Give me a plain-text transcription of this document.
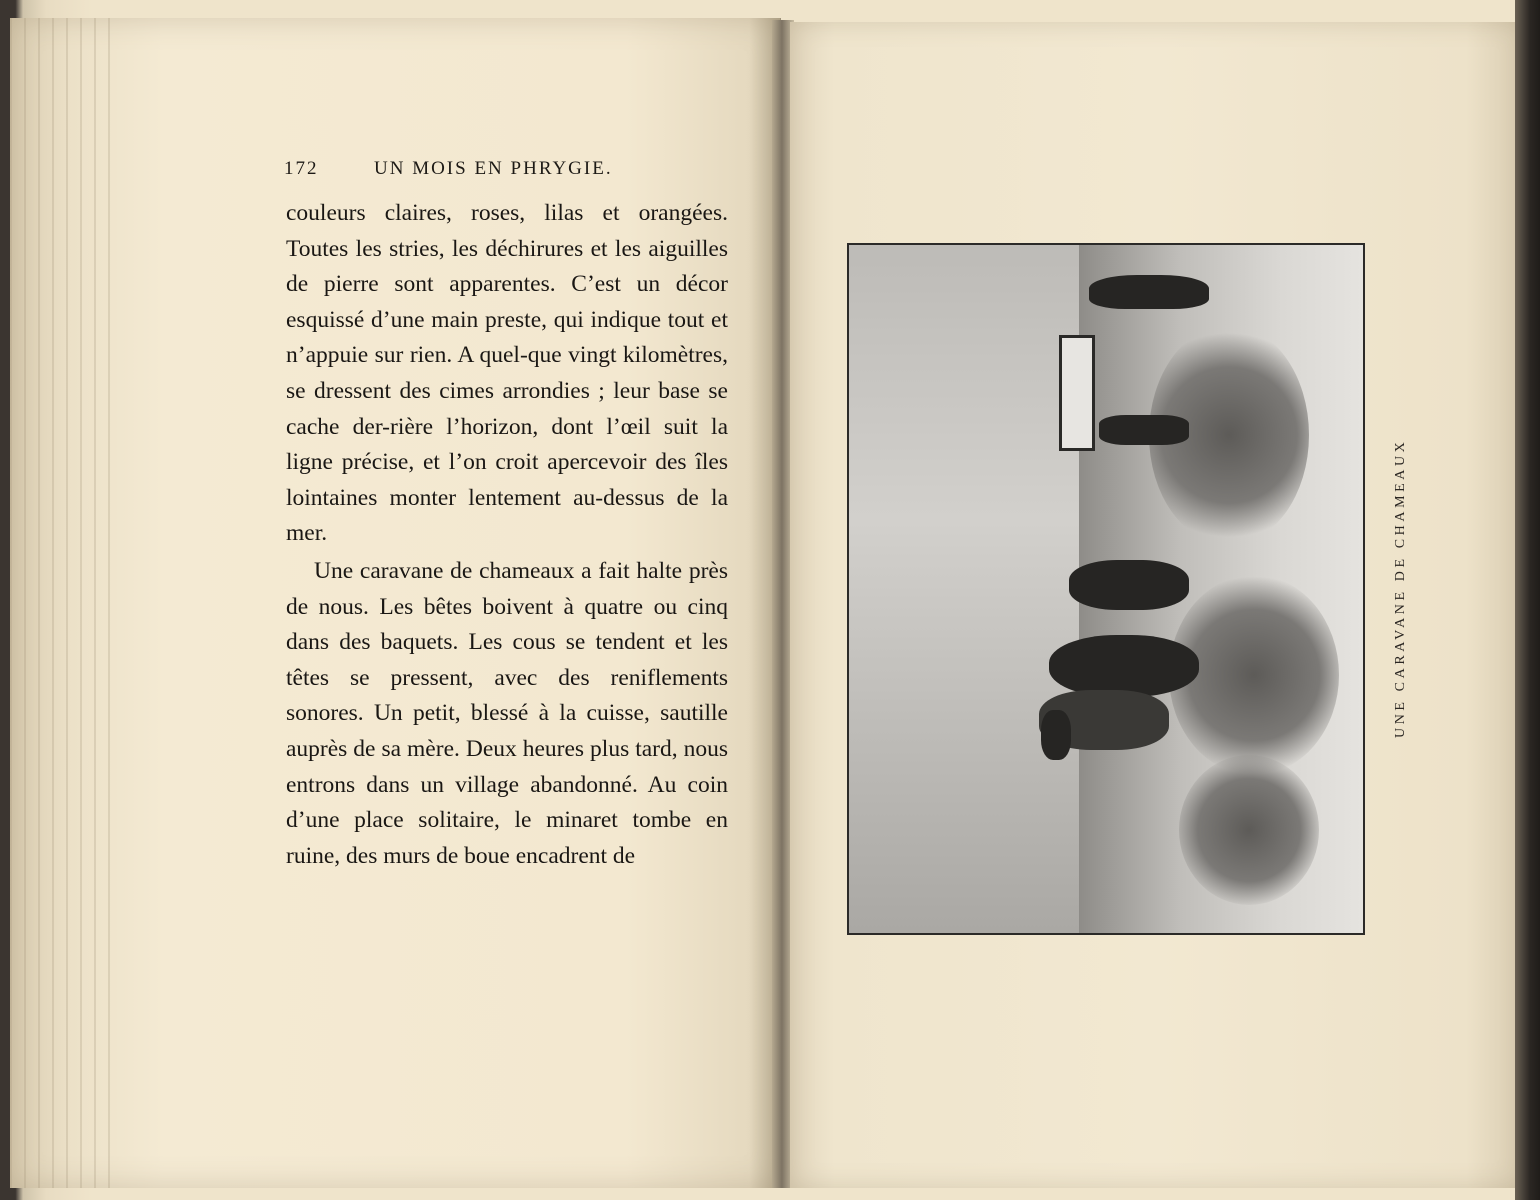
172	UN MOIS EN PHRYGIE.

couleurs claires, roses, lilas et orangées. Toutes les stries, les déchirures et les aiguilles de pierre sont apparentes. C’est un décor esquissé d’une main preste, qui indique tout et n’appuie sur rien. A quel-que vingt kilomètres, se dressent des cimes arrondies ; leur base se cache der-rière l’horizon, dont l’œil suit la ligne précise, et l’on croit apercevoir des îles lointaines monter lentement au-dessus de la mer.

Une caravane de chameaux a fait halte près de nous. Les bêtes boivent à quatre ou cinq dans des baquets. Les cous se tendent et les têtes se pressent, avec des reniflements sonores. Un petit, blessé à la cuisse, sautille auprès de sa mère. Deux heures plus tard, nous entrons dans un village abandonné. Au coin d’une place solitaire, le minaret tombe en ruine, des murs de boue encadrent de

UNE CARAVANE DE CHAMEAUX
